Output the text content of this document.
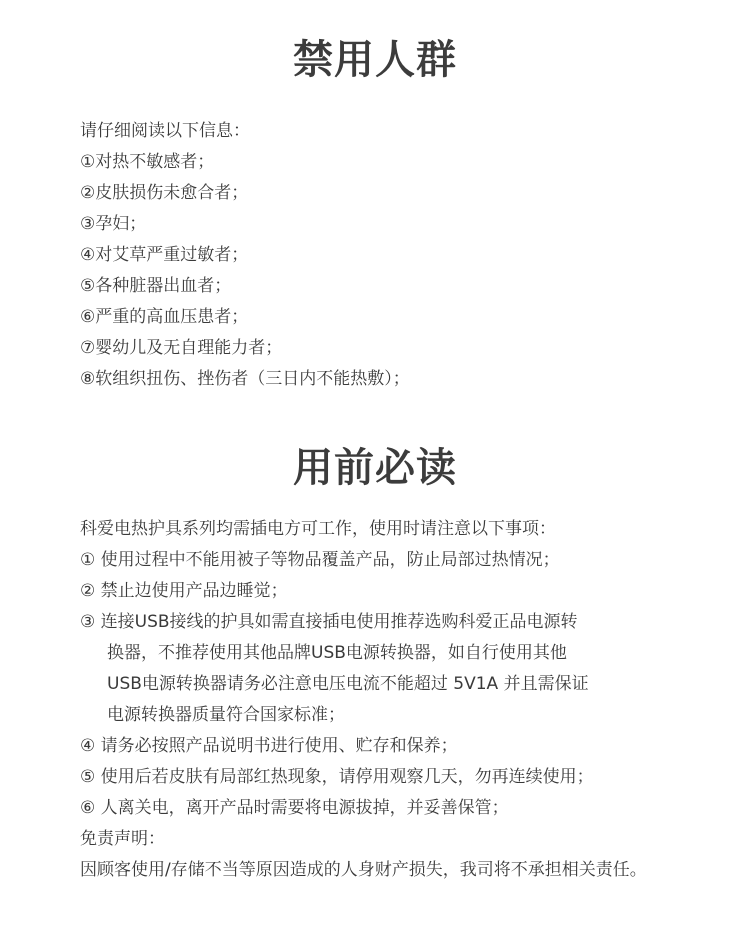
禁用人群
请仔细阅读以下信息：
①对热不敏感者；
②皮肤损伤未愈合者；
③孕妇；
④对艾草严重过敏者；
⑤各种脏器出血者；
⑥严重的高血压患者；
⑦婴幼儿及无自理能力者；
⑧软组织扭伤、挫伤者（三日内不能热敷）；
用前必读
科爱电热护具系列均需插电方可工作，使用时请注意以下事项：
① 使用过程中不能用被子等物品覆盖产品，防止局部过热情况；
② 禁止边使用产品边睡觉；
③ 连接USB接线的护具如需直接插电使用推荐选购科爱正品电源转
换器，不推荐使用其他品牌USB电源转换器，如自行使用其他
USB电源转换器请务必注意电压电流不能超过 5V1A 并且需保证
电源转换器质量符合国家标准；
④ 请务必按照产品说明书进行使用、贮存和保养；
⑤ 使用后若皮肤有局部红热现象，请停用观察几天，勿再连续使用；
⑥ 人离关电，离开产品时需要将电源拔掉，并妥善保管；
免责声明：
因顾客使用/存储不当等原因造成的人身财产损失，我司将不承担相关责任。
